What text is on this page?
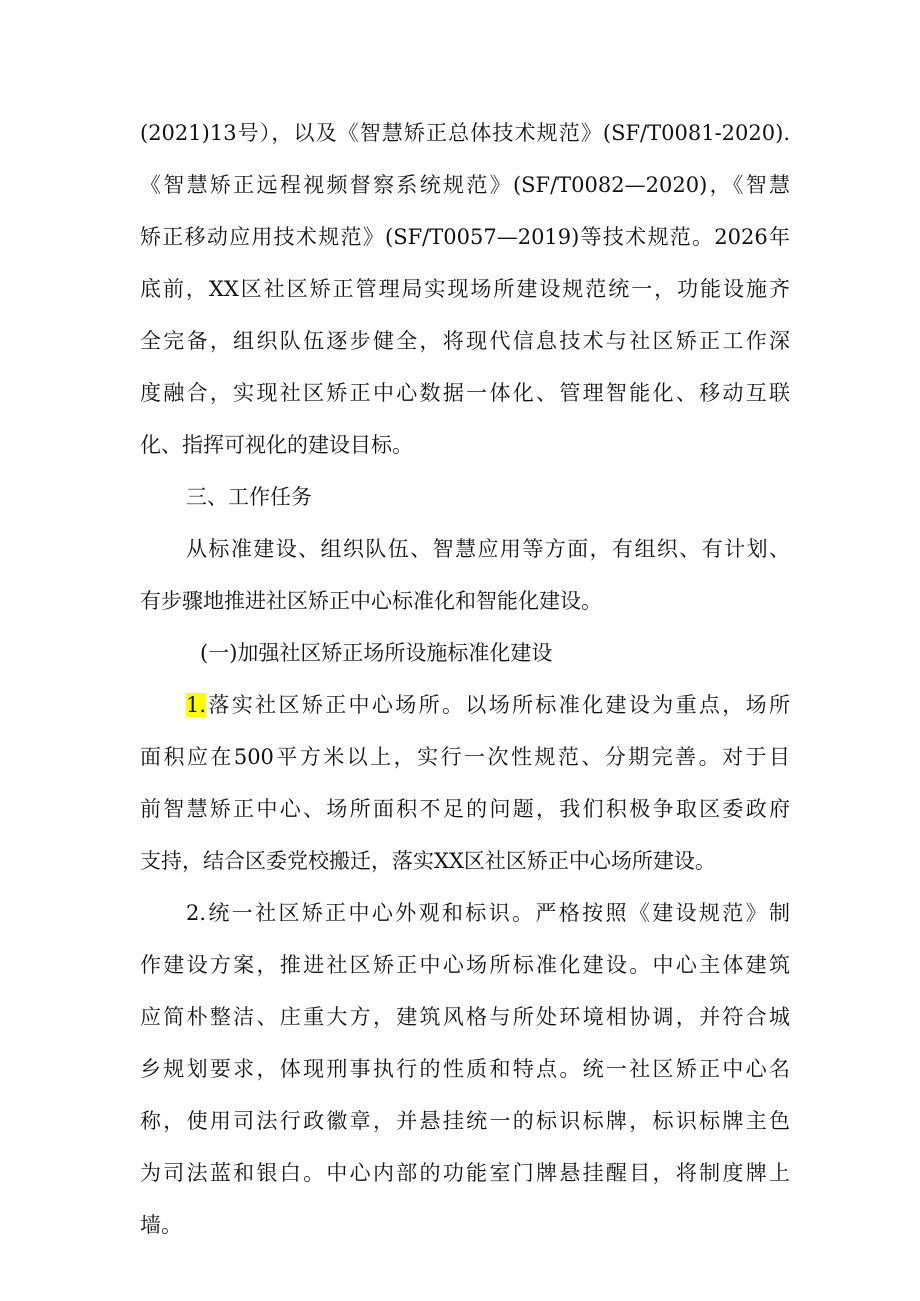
(2021)13号），以及《智慧矫正总体技术规范》(SF/T0081-2020).
《智慧矫正远程视频督察系统规范》(SF/T0082—2020)，《智慧
矫正移动应用技术规范》(SF/T0057—2019)等技术规范。2026年
底前，XX区社区矫正管理局实现场所建设规范统一，功能设施齐
全完备，组织队伍逐步健全，将现代信息技术与社区矫正工作深
度融合，实现社区矫正中心数据一体化、管理智能化、移动互联
化、指挥可视化的建设目标。
三、工作任务
从标准建设、组织队伍、智慧应用等方面，有组织、有计划、
有步骤地推进社区矫正中心标准化和智能化建设。
(一)加强社区矫正场所设施标准化建设
1.落实社区矫正中心场所。以场所标准化建设为重点，场所
面积应在500平方米以上，实行一次性规范、分期完善。对于目
前智慧矫正中心、场所面积不足的问题，我们积极争取区委政府
支持，结合区委党校搬迁，落实XX区社区矫正中心场所建设。
2.统一社区矫正中心外观和标识。严格按照《建设规范》制
作建设方案，推进社区矫正中心场所标准化建设。中心主体建筑
应简朴整洁、庄重大方，建筑风格与所处环境相协调，并符合城
乡规划要求，体现刑事执行的性质和特点。统一社区矫正中心名
称，使用司法行政徽章，并悬挂统一的标识标牌，标识标牌主色
为司法蓝和银白。中心内部的功能室门牌悬挂醒目，将制度牌上
墙。
